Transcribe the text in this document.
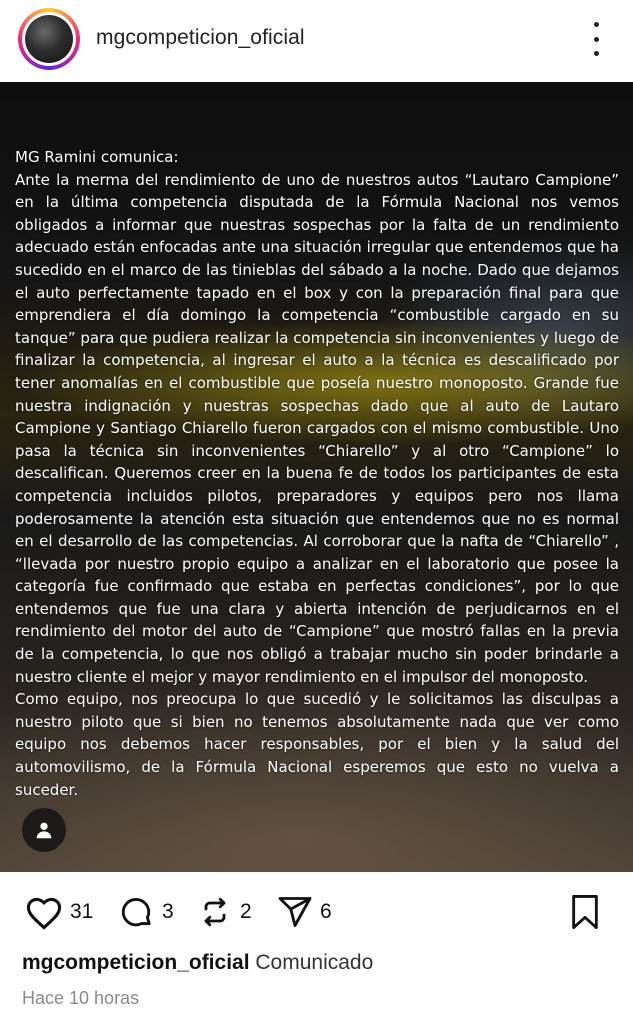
mgcompeticion_oficial

MG Ramini comunica:

Ante la merma del rendimiento de uno de nuestros autos “Lautaro Campione” en la última competencia disputada de la Fórmula Nacional nos vemos obligados a informar que nuestras sospechas por la falta de un rendimiento adecuado están enfocadas ante una situación irregular que entendemos que ha sucedido en el marco de las tinieblas del sábado a la noche. Dado que dejamos el auto perfectamente tapado en el box y con la preparación final para que emprendiera el día domingo la competencia “combustible cargado en su tanque” para que pudiera realizar la competencia sin inconvenientes y luego de finalizar la competencia, al ingresar el auto a la técnica es descalificado por tener anomalías en el combustible que poseía nuestro monoposto. Grande fue nuestra indignación y nuestras sospechas dado que al auto de Lautaro Campione y Santiago Chiarello fueron cargados con el mismo combustible. Uno pasa la técnica sin inconvenientes “Chiarello” y al otro “Campione” lo descalifican. Queremos creer en la buena fe de todos los participantes de esta competencia incluidos pilotos, preparadores y equipos pero nos llama poderosamente la atención esta situación que entendemos que no es normal en el desarrollo de las competencias. Al corroborar que la nafta de “Chiarello” , “llevada por nuestro propio equipo a analizar en el laboratorio que posee la categoría fue confirmado que estaba en perfectas condiciones”, por lo que entendemos que fue una clara y abierta intención de perjudicarnos en el rendimiento del motor del auto de “Campione” que mostró fallas en la previa de la competencia, lo que nos obligó a trabajar mucho sin poder brindarle a nuestro cliente el mejor y mayor rendimiento en el impulsor del monoposto.

Como equipo, nos preocupa lo que sucedió y le solicitamos las disculpas a nuestro piloto que si bien no tenemos absolutamente nada que ver como equipo nos debemos hacer responsables, por el bien y la salud del automovilismo, de la Fórmula Nacional esperemos que esto no vuelva a suceder.

31	3	2	6
mgcompeticion_oficial Comunicado
Hace 10 horas
